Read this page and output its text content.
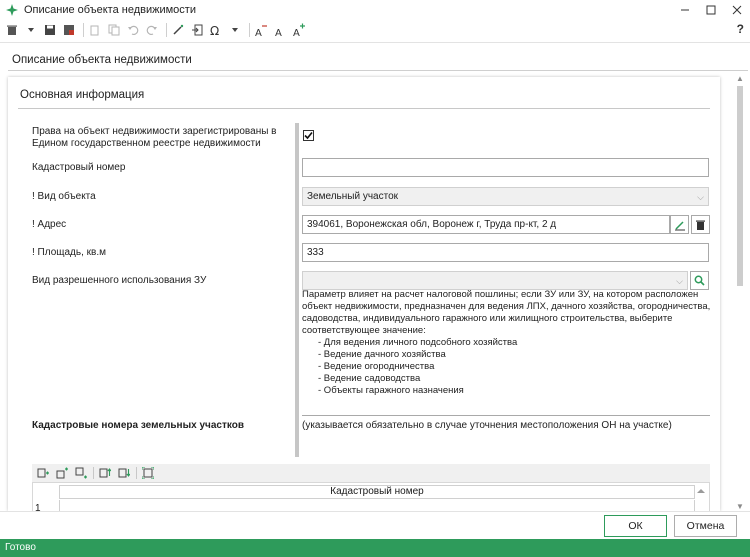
Описание объекта недвижимости
Ω	A A A	?
Описание объекта недвижимости
Основная информация
Права на объект недвижимости зарегистрированы в Едином государственном реестре недвижимости
Кадастровый номер
! Вид объекта	Земельный участок	⌵
! Адрес	394061, Воронежская обл, Воронеж г, Труда пр-кт, 2 д
! Площадь, кв.м	333
Вид разрешенного использования ЗУ	⌵
Параметр влияет на расчет налоговой пошлины; если ЗУ или ЗУ, на котором расположен объект недвижимости, предназначен для ведения ЛПХ, дачного хозяйства, огородничества, садоводства, индивидуального гаражного или жилищного строительства, выберите соответствующее значение:
- Для ведения личного подсобного хозяйства
- Ведение дачного хозяйства
- Ведение огородничества
- Ведение садоводства
- Объекты гаражного назначения
Кадастровые номера земельных участков	(указывается обязательно в случае уточнения местоположения ОН на участке)
Кадастровый номер
1
▲
▼
ОК	Отмена
Готово
